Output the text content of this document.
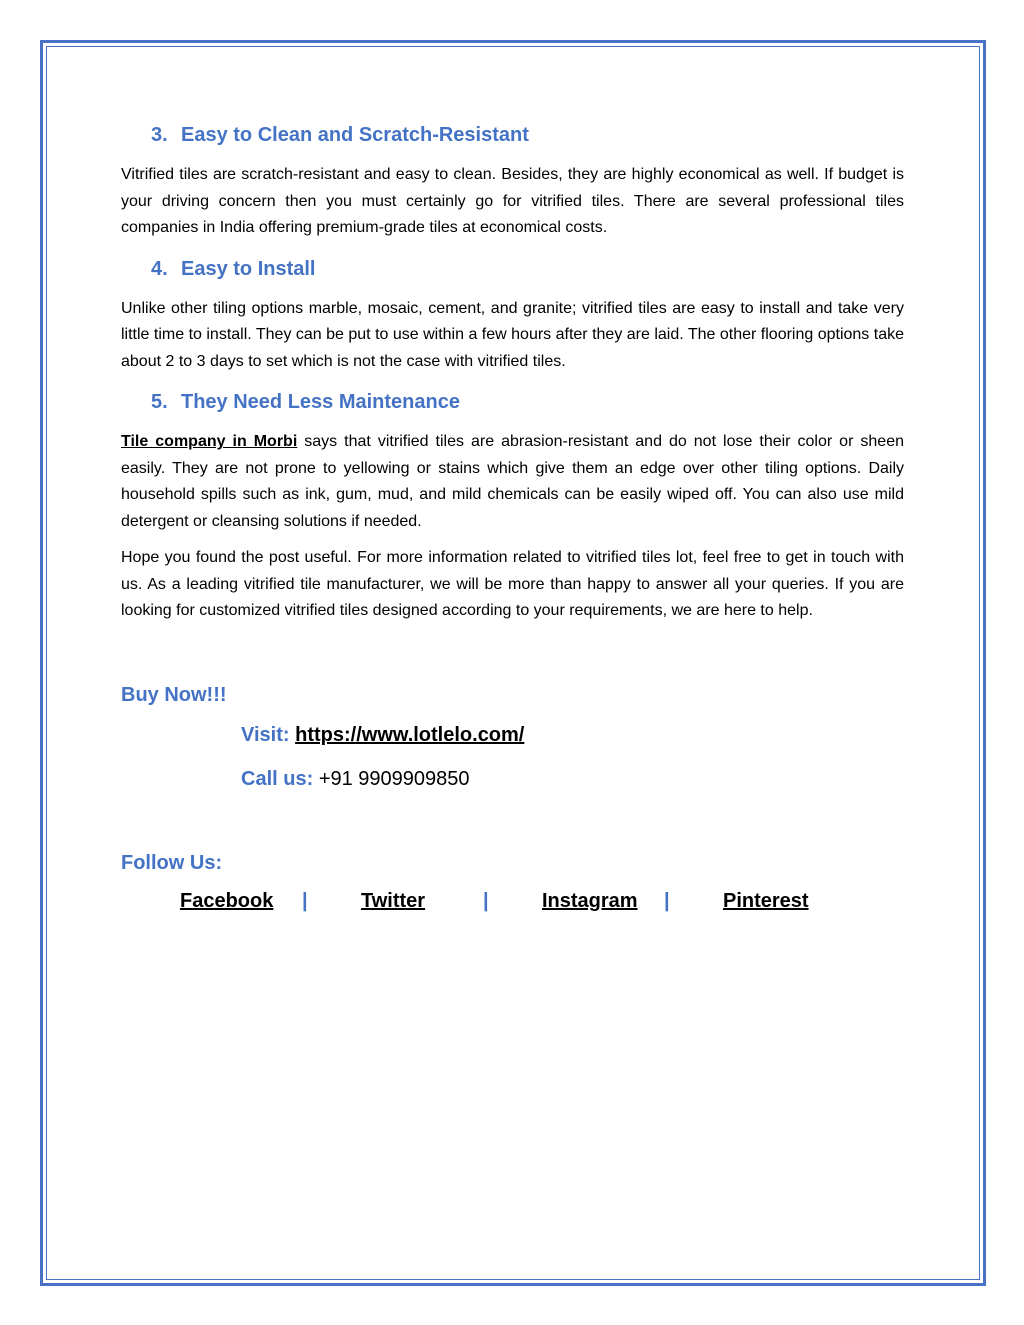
3. Easy to Clean and Scratch-Resistant

Vitrified tiles are scratch-resistant and easy to clean. Besides, they are highly economical as well. If budget is your driving concern then you must certainly go for vitrified tiles. There are several professional tiles companies in India offering premium-grade tiles at economical costs.

4. Easy to Install

Unlike other tiling options marble, mosaic, cement, and granite; vitrified tiles are easy to install and take very little time to install. They can be put to use within a few hours after they are laid. The other flooring options take about 2 to 3 days to set which is not the case with vitrified tiles.

5. They Need Less Maintenance

Tile company in Morbi says that vitrified tiles are abrasion-resistant and do not lose their color or sheen easily. They are not prone to yellowing or stains which give them an edge over other tiling options. Daily household spills such as ink, gum, mud, and mild chemicals can be easily wiped off. You can also use mild detergent or cleansing solutions if needed.

Hope you found the post useful. For more information related to vitrified tiles lot, feel free to get in touch with us. As a leading vitrified tile manufacturer, we will be more than happy to answer all your queries. If you are looking for customized vitrified tiles designed according to your requirements, we are here to help.

Buy Now!!!
Visit: https://www.lotlelo.com/
Call us: +91 9909909850
Follow Us:
Facebook |	Twitter	|	Instagram |	Pinterest
